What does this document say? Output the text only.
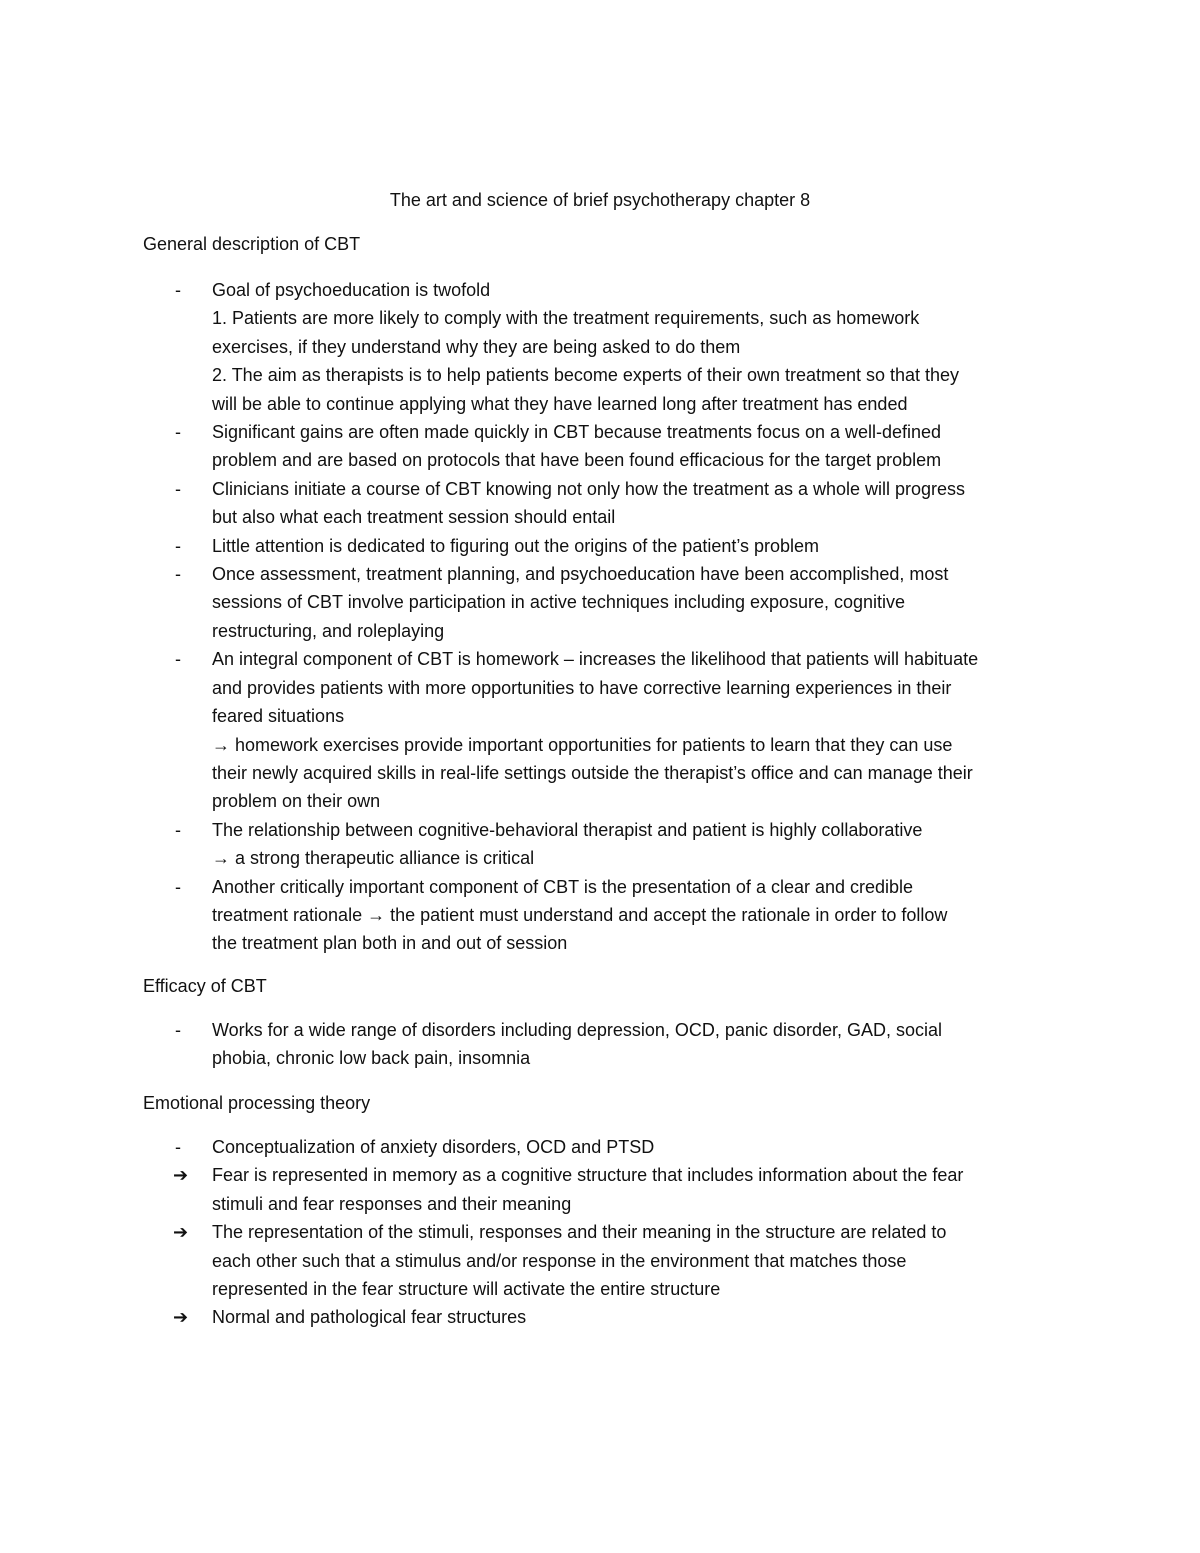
The art and science of brief psychotherapy chapter 8
General description of CBT
-	Goal of psychoeducation is twofold
1. Patients are more likely to comply with the treatment requirements, such as homework
exercises, if they understand why they are being asked to do them
2. The aim as therapists is to help patients become experts of their own treatment so that they
will be able to continue applying what they have learned long after treatment has ended
-	Significant gains are often made quickly in CBT because treatments focus on a well-defined
problem and are based on protocols that have been found efficacious for the target problem
-	Clinicians initiate a course of CBT knowing not only how the treatment as a whole will progress
but also what each treatment session should entail
-	Little attention is dedicated to figuring out the origins of the patient’s problem
-	Once assessment, treatment planning, and psychoeducation have been accomplished, most
sessions of CBT involve participation in active techniques including exposure, cognitive
restructuring, and roleplaying
-	An integral component of CBT is homework – increases the likelihood that patients will habituate
and provides patients with more opportunities to have corrective learning experiences in their
feared situations
→ homework exercises provide important opportunities for patients to learn that they can use
their newly acquired skills in real-life settings outside the therapist’s office and can manage their
problem on their own
-	The relationship between cognitive-behavioral therapist and patient is highly collaborative
→ a strong therapeutic alliance is critical
-	Another critically important component of CBT is the presentation of a clear and credible
treatment rationale → the patient must understand and accept the rationale in order to follow
the treatment plan both in and out of session
Efficacy of CBT
-	Works for a wide range of disorders including depression, OCD, panic disorder, GAD, social
phobia, chronic low back pain, insomnia
Emotional processing theory
-	Conceptualization of anxiety disorders, OCD and PTSD
➔ Fear is represented in memory as a cognitive structure that includes information about the fear
stimuli and fear responses and their meaning
➔ The representation of the stimuli, responses and their meaning in the structure are related to
each other such that a stimulus and/or response in the environment that matches those
represented in the fear structure will activate the entire structure
➔ Normal and pathological fear structures
